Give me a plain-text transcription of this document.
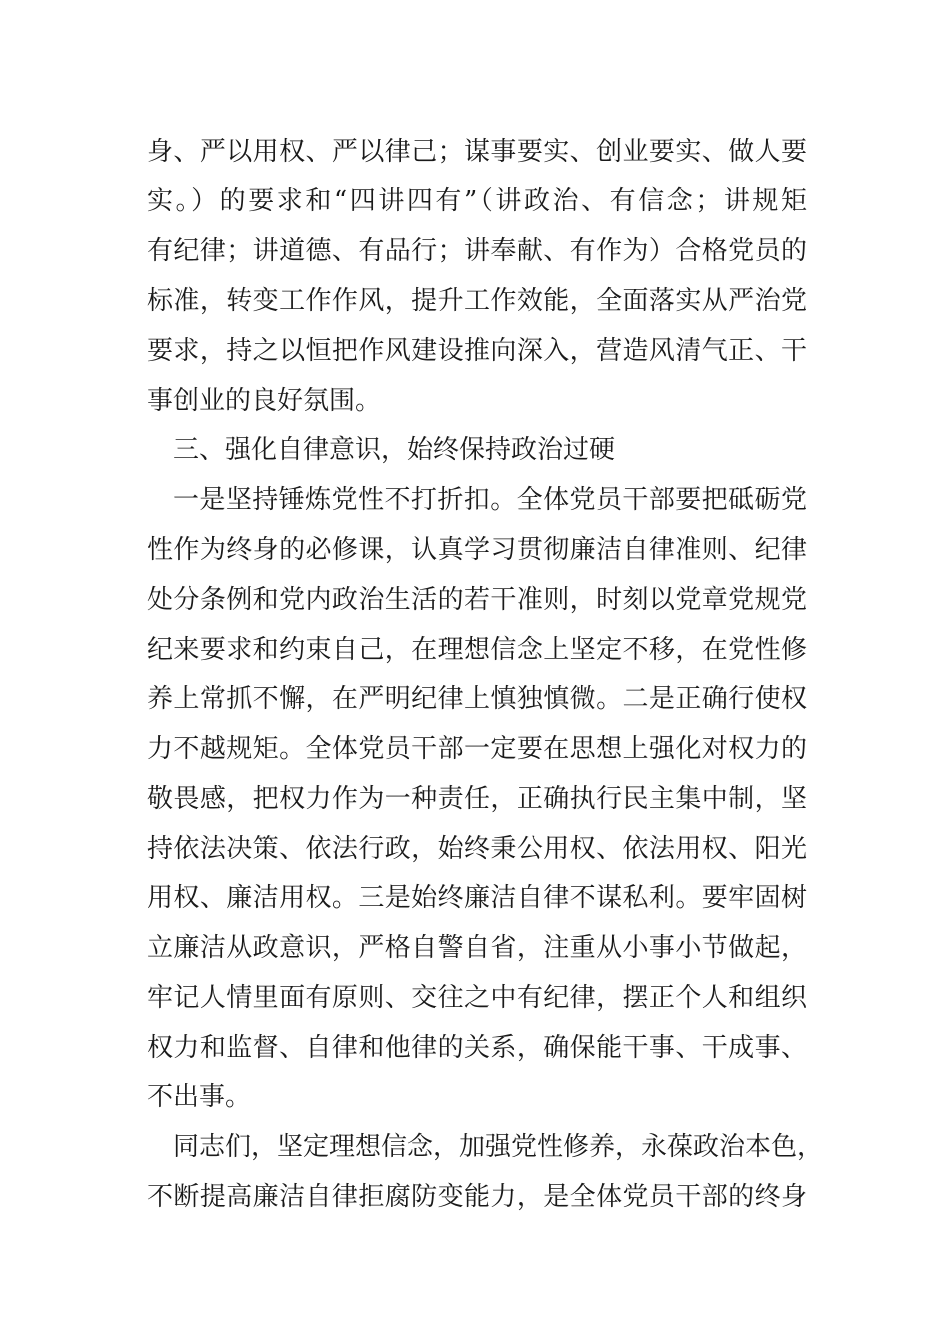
身、严以用权、严以律己；谋事要实、创业要实、做人要
实。）的要求和“四讲四有”（讲政治、有信念；讲规矩
有纪律；讲道德、有品行；讲奉献、有作为）合格党员的
标准，转变工作作风，提升工作效能，全面落实从严治党
要求，持之以恒把作风建设推向深入，营造风清气正、干
事创业的良好氛围。
三、强化自律意识，始终保持政治过硬
一是坚持锤炼党性不打折扣。全体党员干部要把砥砺党
性作为终身的必修课，认真学习贯彻廉洁自律准则、纪律
处分条例和党内政治生活的若干准则，时刻以党章党规党
纪来要求和约束自己，在理想信念上坚定不移，在党性修
养上常抓不懈，在严明纪律上慎独慎微。二是正确行使权
力不越规矩。全体党员干部一定要在思想上强化对权力的
敬畏感，把权力作为一种责任，正确执行民主集中制，坚
持依法决策、依法行政，始终秉公用权、依法用权、阳光
用权、廉洁用权。三是始终廉洁自律不谋私利。要牢固树
立廉洁从政意识，严格自警自省，注重从小事小节做起，
牢记人情里面有原则、交往之中有纪律，摆正个人和组织
权力和监督、自律和他律的关系，确保能干事、干成事、
不出事。
同志们，坚定理想信念，加强党性修养，永葆政治本色，
不断提高廉洁自律拒腐防变能力，是全体党员干部的终身
